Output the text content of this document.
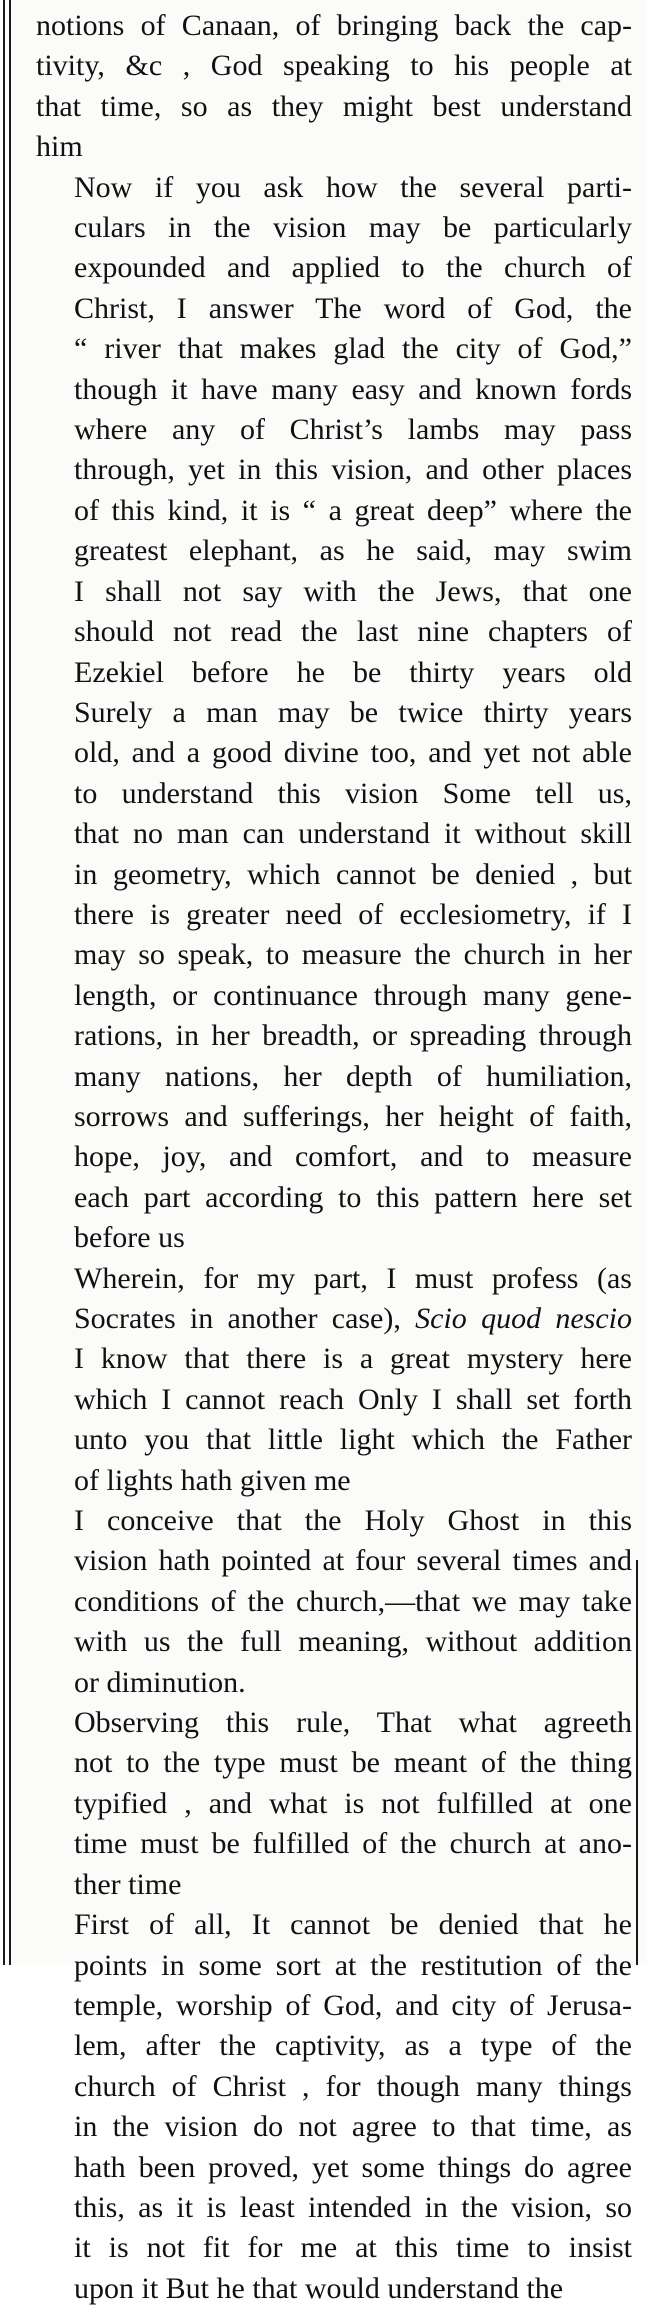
notions of Canaan, of bringing back the cap-
tivity, &c , God speaking to his people at
that time, so as they might best understand
him

Now if you ask how the several parti-
culars in the vision may be particularly
expounded and applied to the church of
Christ, I answer The word of God, the
“ river that makes glad the city of God,”
though it have many easy and known fords
where any of Christ’s lambs may pass
through, yet in this vision, and other places
of this kind, it is “ a great deep” where the
greatest elephant, as he said, may swim
I shall not say with the Jews, that one
should not read the last nine chapters of
Ezekiel before he be thirty years old
Surely a man may be twice thirty years
old, and a good divine too, and yet not able
to understand this vision Some tell us,
that no man can understand it without skill
in geometry, which cannot be denied , but
there is greater need of ecclesiometry, if I
may so speak, to measure the church in her
length, or continuance through many gene-
rations, in her breadth, or spreading through
many nations, her depth of humiliation,
sorrows and sufferings, her height of faith,
hope, joy, and comfort, and to measure
each part according to this pattern here set
before us

Wherein, for my part, I must profess (as
Socrates in another case), Scio quod nescio
I know that there is a great mystery here
which I cannot reach Only I shall set forth
unto you that little light which the Father
of lights hath given me

I conceive that the Holy Ghost in this
vision hath pointed at four several times and
conditions of the church,—that we may take
with us the full meaning, without addition
or diminution.

Observing this rule, That what agreeth
not to the type must be meant of the thing
typified , and what is not fulfilled at one
time must be fulfilled of the church at ano-
ther time

First of all, It cannot be denied that he
points in some sort at the restitution of the
temple, worship of God, and city of Jerusa-
lem, after the captivity, as a type of the
church of Christ , for though many things
in the vision do not agree to that time, as
hath been proved, yet some things do agree
this, as it is least intended in the vision, so
it is not fit for me at this time to insist
upon it But he that would understand the
